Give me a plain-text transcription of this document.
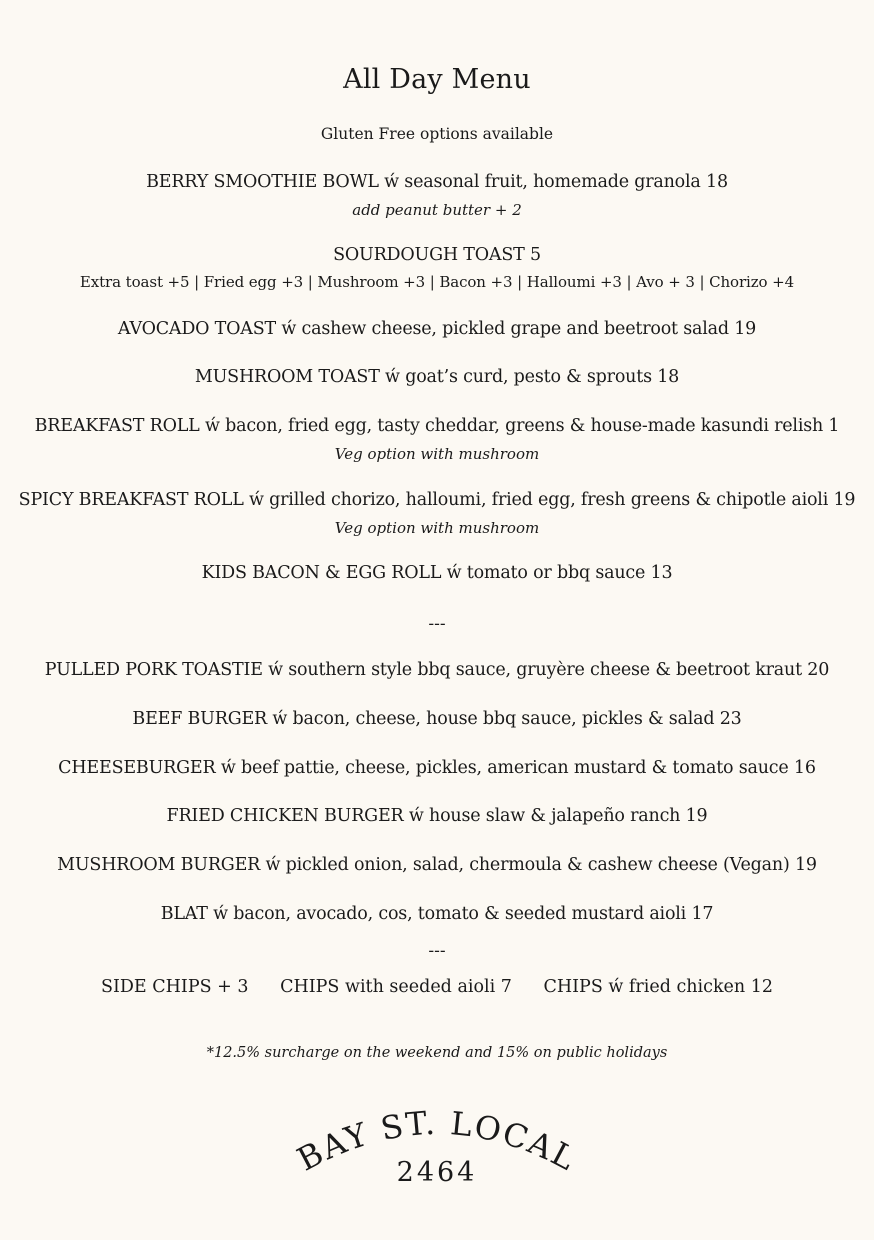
All Day Menu
Gluten Free options available
BERRY SMOOTHIE BOWL ẃ seasonal fruit, homemade granola 18
add peanut butter + 2
SOURDOUGH TOAST 5
Extra toast +5 | Fried egg +3 | Mushroom +3 | Bacon +3 | Halloumi +3 | Avo + 3 | Chorizo +4
AVOCADO TOAST ẃ cashew cheese, pickled grape and beetroot salad 19
MUSHROOM TOAST ẃ goat’s curd, pesto & sprouts 18
BREAKFAST ROLL ẃ bacon, fried egg, tasty cheddar, greens & house-made kasundi relish 1
Veg option with mushroom
SPICY BREAKFAST ROLL ẃ grilled chorizo, halloumi, fried egg, fresh greens & chipotle aioli 19
Veg option with mushroom
KIDS BACON & EGG ROLL ẃ tomato or bbq sauce 13
---
PULLED PORK TOASTIE ẃ southern style bbq sauce, gruyère cheese & beetroot kraut 20
BEEF BURGER ẃ bacon, cheese, house bbq sauce, pickles & salad 23
CHEESEBURGER ẃ beef pattie, cheese, pickles, american mustard & tomato sauce 16
FRIED CHICKEN BURGER ẃ house slaw & jalapeño ranch 19
MUSHROOM BURGER ẃ pickled onion, salad, chermoula & cashew cheese (Vegan) 19
BLAT ẃ bacon, avocado, cos, tomato & seeded mustard aioli 17
---
SIDE CHIPS + 3 CHIPS with seeded aioli 7 CHIPS ẃ fried chicken 12
*12.5% surcharge on the weekend and 15% on public holidays
BAY ST. LOCAL
2464
